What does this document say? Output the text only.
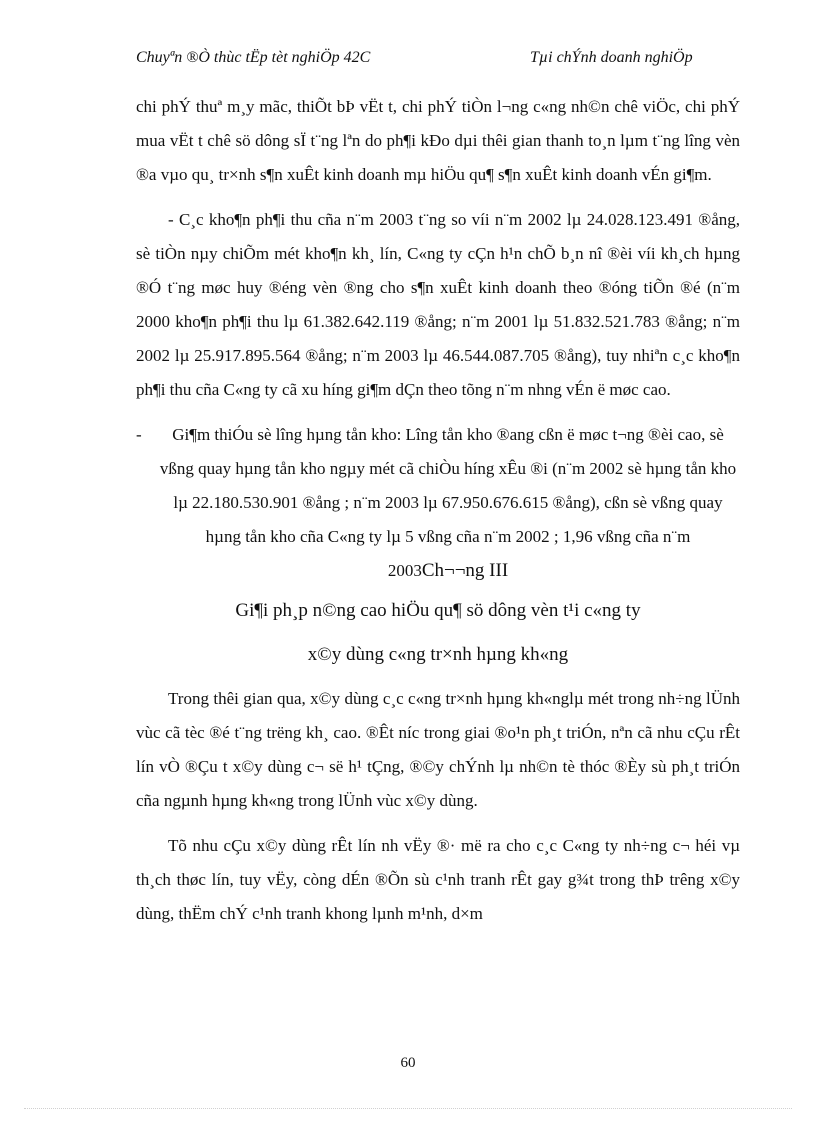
Chuyªn ®Ò thùc tËp tèt nghiÖp 42C	Tµi chÝnh doanh nghiÖp

chi phÝ thuª m¸y mãc, thiÕt bÞ vËt t, chi phÝ tiÒn l¬ng c«ng nh©n chê viÖc, chi phÝ mua vËt t chê sö dông sÏ t¨ng lªn do ph¶i kÐo dµi thêi gian thanh to¸n lµm t¨ng lîng vèn ®a vµo qu¸ tr×nh s¶n xuÊt kinh doanh mµ hiÖu qu¶ s¶n xuÊt kinh doanh vÉn gi¶m.

- C¸c kho¶n ph¶i thu cña n¨m 2003 t¨ng so víi n¨m 2002 lµ 24.028.123.491 ®ång, sè tiÒn nµy chiÕm mét kho¶n kh¸ lín, C«ng ty cÇn h¹n chÕ b¸n nî ®èi víi kh¸ch hµng ®Ó t¨ng møc huy ®éng vèn ®ng cho s¶n xuÊt kinh doanh theo ®óng tiÕn ®é (n¨m 2000 kho¶n ph¶i thu lµ 61.382.642.119 ®ång; n¨m 2001 lµ 51.832.521.783 ®ång; n¨m 2002 lµ 25.917.895.564 ®ång; n¨m 2003 lµ 46.544.087.705 ®ång), tuy nhiªn c¸c kho¶n ph¶i thu cña C«ng ty cã xu híng gi¶m dÇn theo tõng n¨m nhng vÉn ë møc cao.

-	Gi¶m thiÓu sè lîng hµng tån kho: Lîng tån kho ®ang cßn ë møc t¬ng ®èi cao, sè vßng quay hµng tån kho ngµy mét cã chiÒu híng xÊu ®i (n¨m 2002 sè hµng tån kho lµ 22.180.530.901 ®ång ; n¨m 2003 lµ 67.950.676.615 ®ång), cßn sè vßng quay hµng tån kho cña C«ng ty lµ 5 vßng cña n¨m 2002 ; 1,96 vßng cña n¨m 2003Ch¬¬ng III
Gi¶i ph¸p n©ng cao hiÖu qu¶ sö dông vèn t¹i c«ng ty
x©y dùng c«ng tr×nh hµng kh«ng

Trong thêi gian qua, x©y dùng c¸c c«ng tr×nh hµng kh«nglµ mét trong nh÷ng lÜnh vùc cã tèc ®é t¨ng trëng kh¸ cao. ®Êt níc trong giai ®o¹n ph¸t triÓn, nªn cã nhu cÇu rÊt lín vÒ ®Çu t x©y dùng c¬ së h¹ tÇng, ®©y chÝnh lµ nh©n tè thóc ®Èy sù ph¸t triÓn cña ngµnh hµng kh«ng trong lÜnh vùc x©y dùng.

Tõ nhu cÇu x©y dùng rÊt lín nh vËy ®· më ra cho c¸c C«ng ty nh÷ng c¬ héi vµ th¸ch thøc lín, tuy vËy, còng dÉn ®Õn sù c¹nh tranh rÊt gay g¾t trong thÞ trêng x©y dùng, thËm chÝ c¹nh tranh khong lµnh m¹nh, d×m

60
